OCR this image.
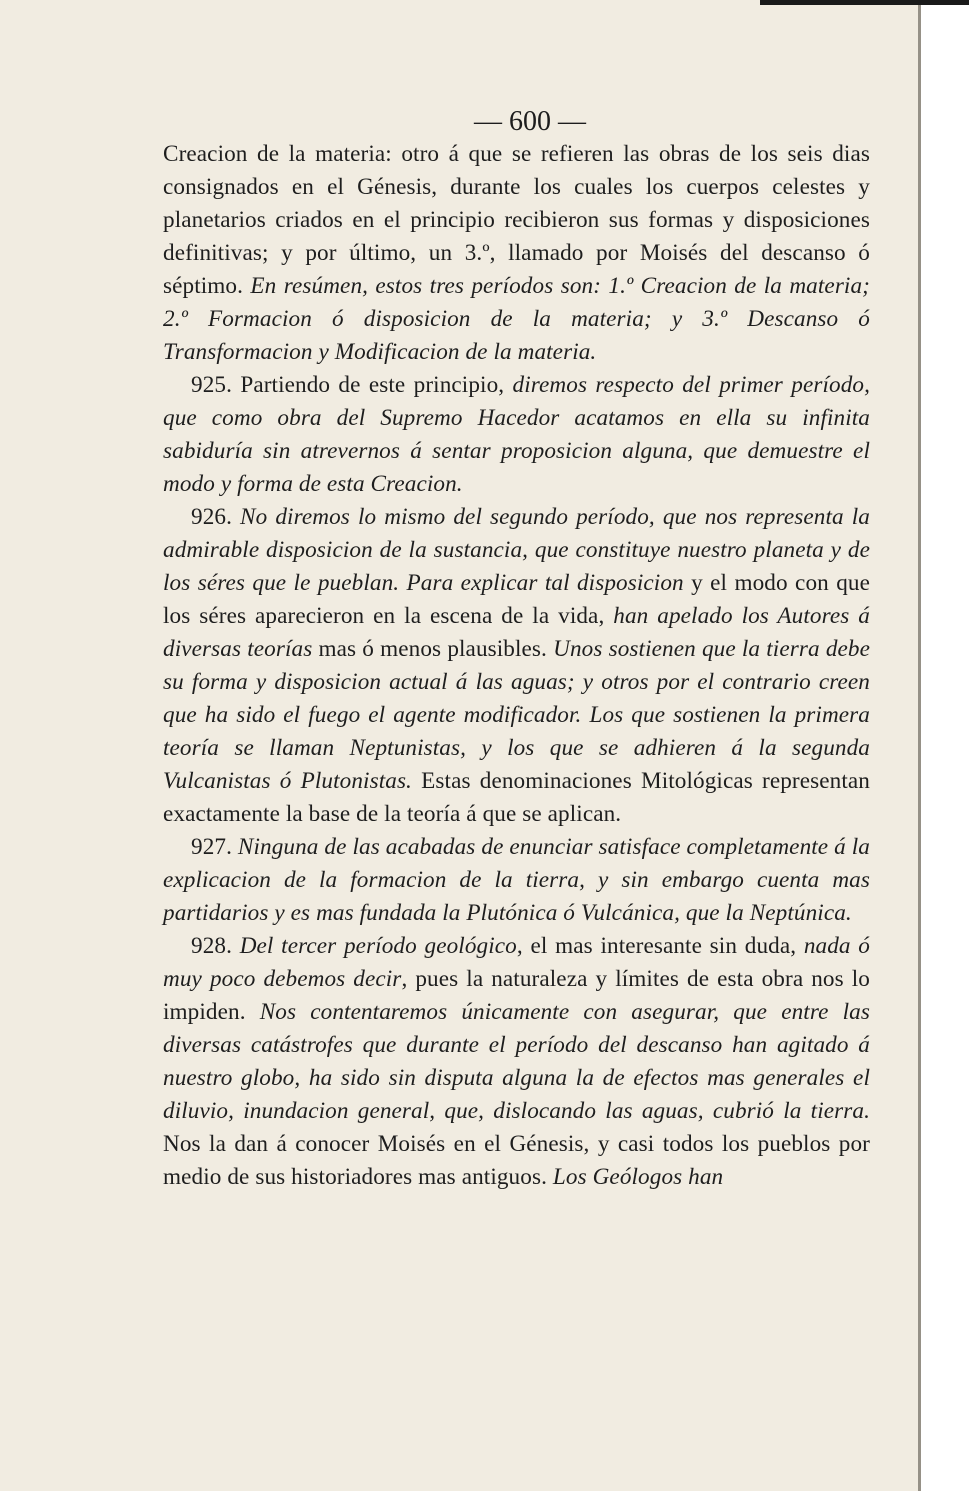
— 600 —

Creacion de la materia: otro á que se refieren las obras de los seis dias consignados en el Génesis, durante los cuales los cuerpos celestes y planetarios criados en el principio recibieron sus formas y disposiciones definitivas; y por último, un 3.º, llamado por Moisés del descanso ó séptimo. En resúmen, estos tres períodos son: 1.º Creacion de la materia; 2.º Formacion ó disposicion de la materia; y 3.º Descanso ó Transformacion y Modificacion de la materia.

925. Partiendo de este principio, diremos respecto del primer período, que como obra del Supremo Hacedor acatamos en ella su infinita sabiduría sin atrevernos á sentar proposicion alguna, que demuestre el modo y forma de esta Creacion.

926. No diremos lo mismo del segundo período, que nos representa la admirable disposicion de la sustancia, que constituye nuestro planeta y de los séres que le pueblan. Para explicar tal disposicion y el modo con que los séres aparecieron en la escena de la vida, han apelado los Autores á diversas teorías mas ó menos plausibles. Unos sostienen que la tierra debe su forma y disposicion actual á las aguas; y otros por el contrario creen que ha sido el fuego el agente modificador. Los que sostienen la primera teoría se llaman Neptunistas, y los que se adhieren á la segunda Vulcanistas ó Plutonistas. Estas denominaciones Mitológicas representan exactamente la base de la teoría á que se aplican.

927. Ninguna de las acabadas de enunciar satisface completamente á la explicacion de la formacion de la tierra, y sin embargo cuenta mas partidarios y es mas fundada la Plutónica ó Vulcánica, que la Neptúnica.

928. Del tercer período geológico, el mas interesante sin duda, nada ó muy poco debemos decir, pues la naturaleza y límites de esta obra nos lo impiden. Nos contentaremos únicamente con asegurar, que entre las diversas catástrofes que durante el período del descanso han agitado á nuestro globo, ha sido sin disputa alguna la de efectos mas generales el diluvio, inundacion general, que, dislocando las aguas, cubrió la tierra. Nos la dan á conocer Moisés en el Génesis, y casi todos los pueblos por medio de sus historiadores mas antiguos. Los Geólogos han
